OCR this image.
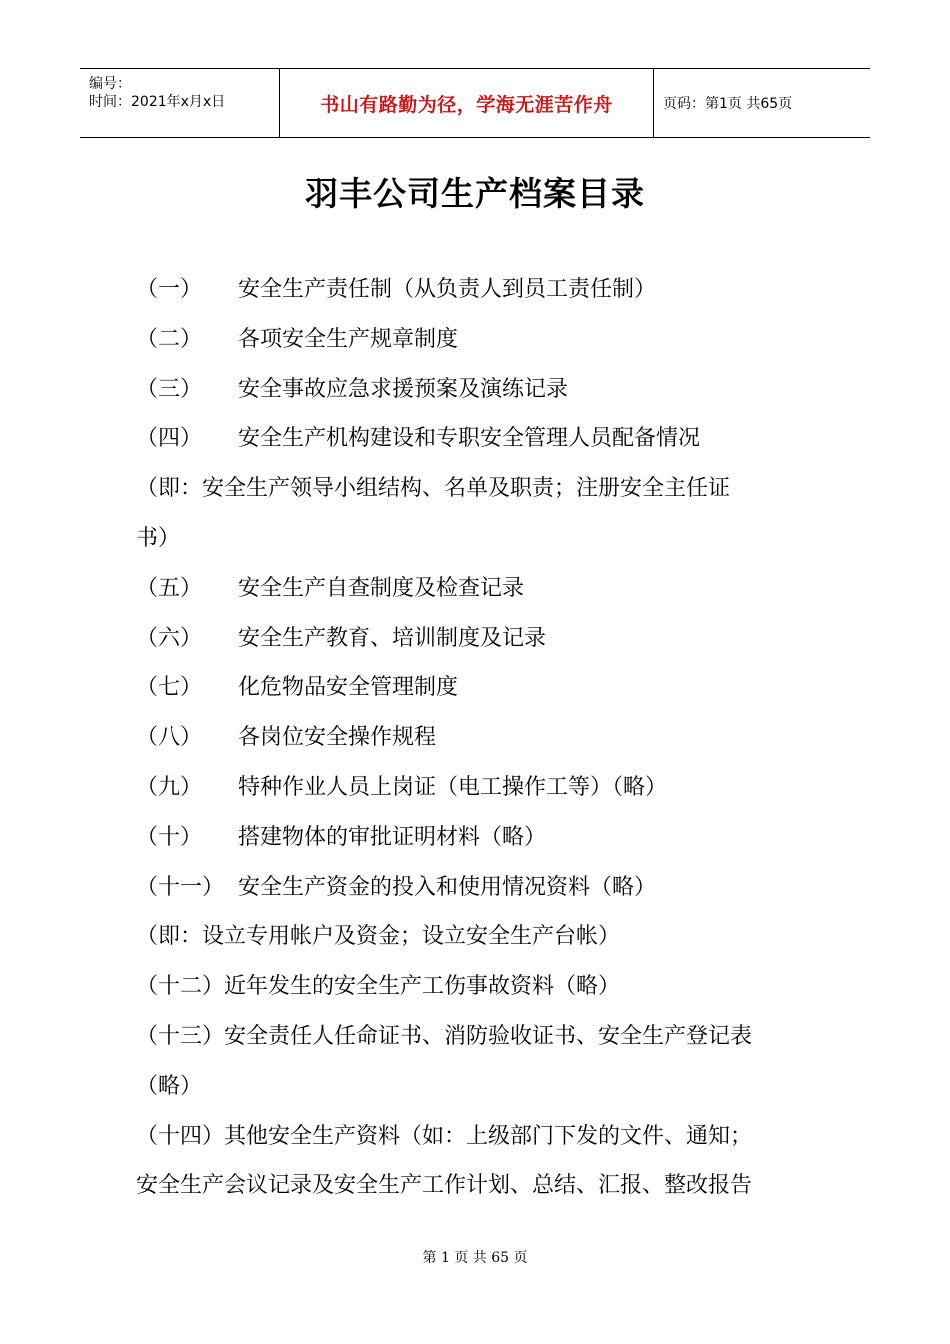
编号：
时间：2021年x月x日	书山有路勤为径，学海无涯苦作舟	页码：第1页 共65页
羽丰公司生产档案目录
（一） 安全生产责任制（从负责人到员工责任制）
（二） 各项安全生产规章制度
（三） 安全事故应急求援预案及演练记录
（四） 安全生产机构建设和专职安全管理人员配备情况
（即：安全生产领导小组结构、名单及职责；注册安全主任证
书）
（五） 安全生产自查制度及检查记录
（六） 安全生产教育、培训制度及记录
（七） 化危物品安全管理制度
（八） 各岗位安全操作规程
（九） 特种作业人员上岗证（电工操作工等）（略）
（十） 搭建物体的审批证明材料（略）
（十一） 安全生产资金的投入和使用情况资料（略）
（即：设立专用帐户及资金；设立安全生产台帐）
（十二）近年发生的安全生产工伤事故资料（略）
（十三）安全责任人任命证书、消防验收证书、安全生产登记表
（略）
（十四）其他安全生产资料（如：上级部门下发的文件、通知；
安全生产会议记录及安全生产工作计划、总结、汇报、整改报告
第 1 页 共 65 页
